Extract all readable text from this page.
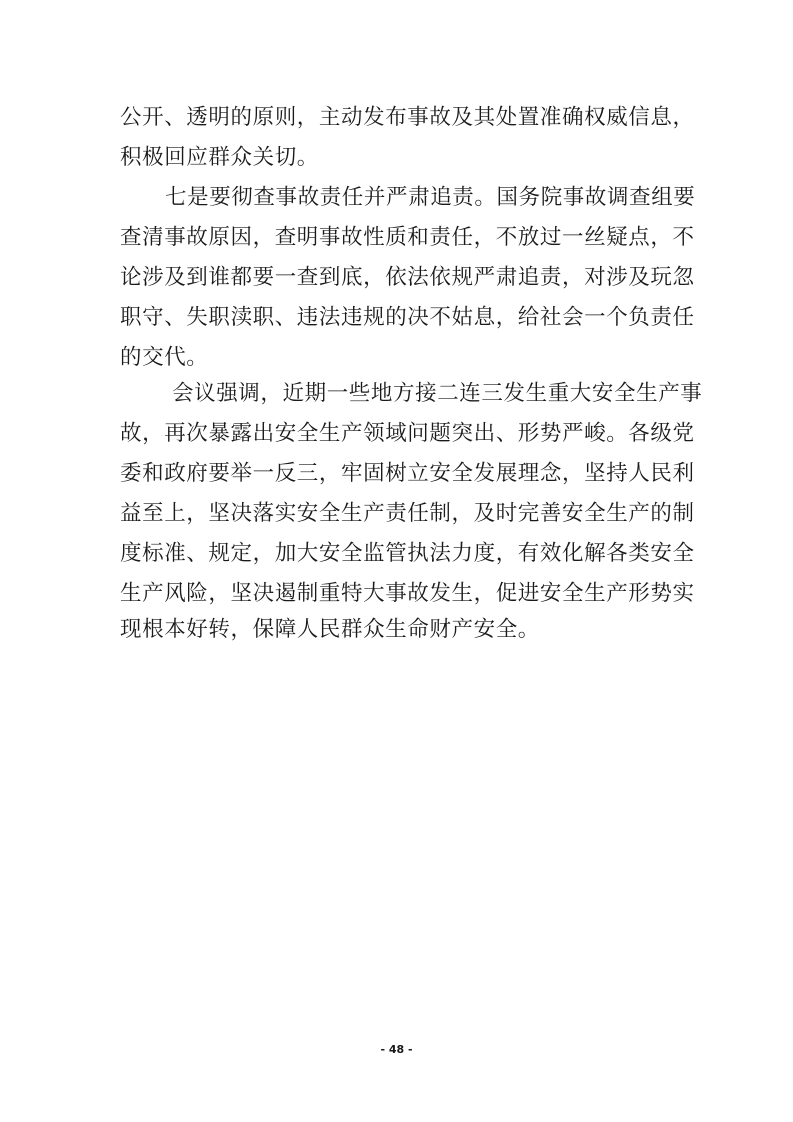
公开、透明的原则，主动发布事故及其处置准确权威信息，
积极回应群众关切。
七是要彻查事故责任并严肃追责。国务院事故调查组要
查清事故原因，查明事故性质和责任，不放过一丝疑点，不
论涉及到谁都要一查到底，依法依规严肃追责，对涉及玩忽
职守、失职渎职、违法违规的决不姑息，给社会一个负责任
的交代。
会议强调，近期一些地方接二连三发生重大安全生产事
故，再次暴露出安全生产领域问题突出、形势严峻。各级党
委和政府要举一反三，牢固树立安全发展理念，坚持人民利
益至上，坚决落实安全生产责任制，及时完善安全生产的制
度标准、规定，加大安全监管执法力度，有效化解各类安全
生产风险，坚决遏制重特大事故发生，促进安全生产形势实
现根本好转，保障人民群众生命财产安全。
- 48 -
